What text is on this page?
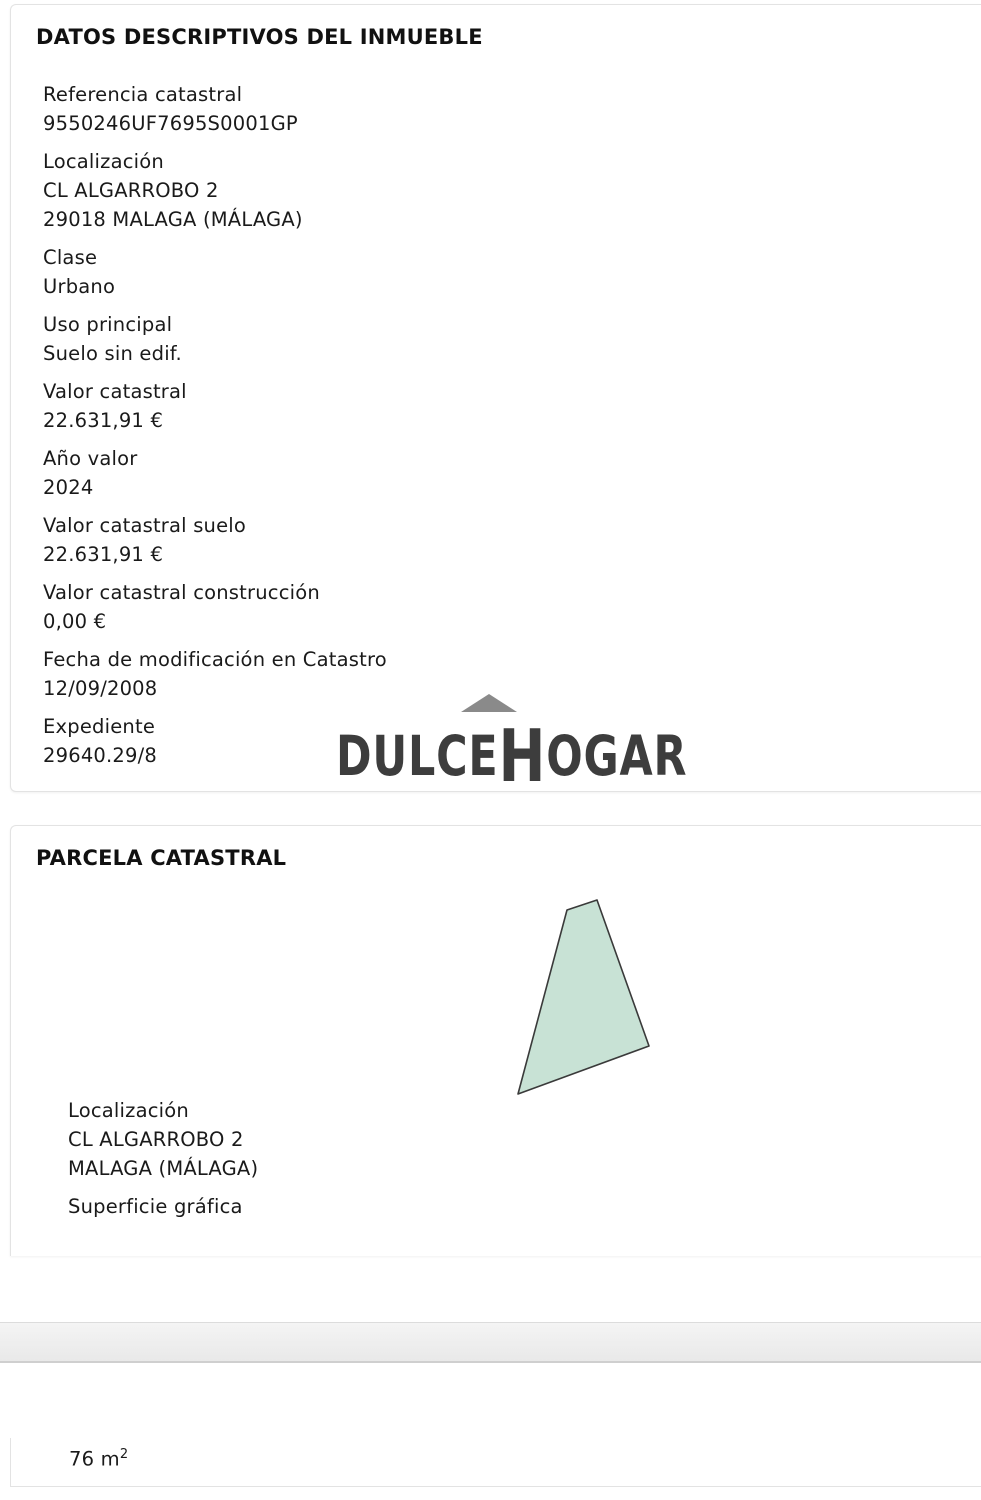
DATOS DESCRIPTIVOS DEL INMUEBLE
Referencia catastral
9550246UF7695S0001GP
Localización
CL ALGARROBO 2
29018 MALAGA (MÁLAGA)
Clase
Urbano
Uso principal
Suelo sin edif.
Valor catastral
22.631,91 €
Año valor
2024
Valor catastral suelo
22.631,91 €
Valor catastral construcción
0,00 €
Fecha de modificación en Catastro
12/09/2008
Expediente
29640.29/8	DULCEHOGAR
PARCELA CATASTRAL
Localización
CL ALGARROBO 2
MALAGA (MÁLAGA)
Superficie gráfica
76 $m^2$
